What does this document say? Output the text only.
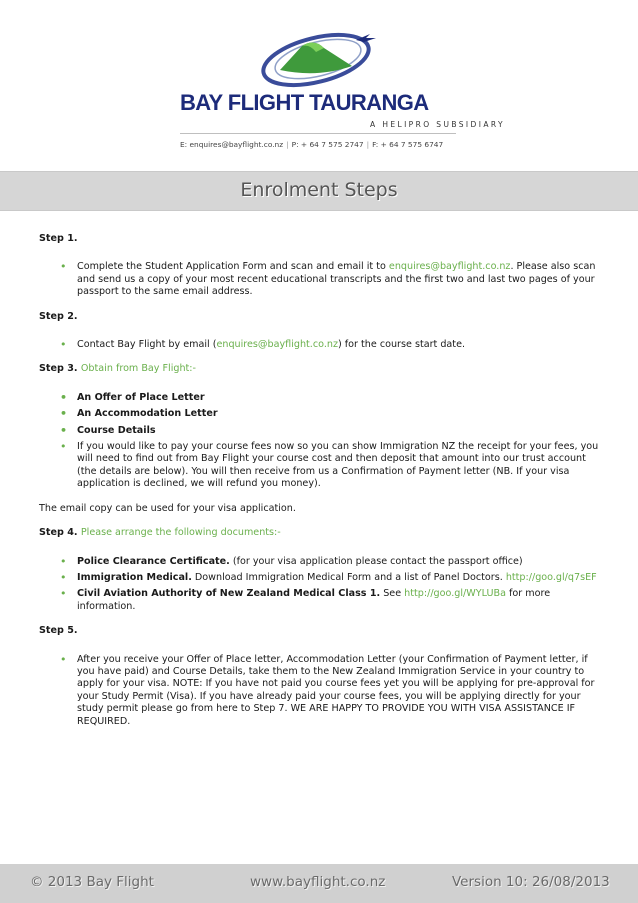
BAY FLIGHT TAURANGA
A HELIPRO SUBSIDIARY
E: enquires@bayflight.co.nz | P: + 64 7 575 2747 | F: + 64 7 575 6747
Enrolment Steps

Step 1.

• Complete the Student Application Form and scan and email it to enquires@bayflight.co.nz. Please also scan and send us a copy of your most recent educational transcripts and the first two and last two pages of your passport to the same email address.

Step 2.

• Contact Bay Flight by email (enquires@bayflight.co.nz) for the course start date.

Step 3. Obtain from Bay Flight:-

• An Offer of Place Letter
• An Accommodation Letter
• Course Details
• If you would like to pay your course fees now so you can show Immigration NZ the receipt for your fees, you will need to find out from Bay Flight your course cost and then deposit that amount into our trust account (the details are below). You will then receive from us a Confirmation of Payment letter (NB. If your visa application is declined, we will refund you money).

The email copy can be used for your visa application.

Step 4. Please arrange the following documents:-

• Police Clearance Certificate. (for your visa application please contact the passport office)
• Immigration Medical. Download Immigration Medical Form and a list of Panel Doctors. http://goo.gl/q7sEF
• Civil Aviation Authority of New Zealand Medical Class 1. See http://goo.gl/WYLUBa for more information.

Step 5.

• After you receive your Offer of Place letter, Accommodation Letter (your Confirmation of Payment letter, if you have paid) and Course Details, take them to the New Zealand Immigration Service in your country to apply for your visa. NOTE: If you have not paid you course fees yet you will be applying for pre-approval for your Study Permit (Visa). If you have already paid your course fees, you will be applying directly for your study permit please go from here to Step 7. WE ARE HAPPY TO PROVIDE YOU WITH VISA ASSISTANCE IF REQUIRED.
© 2013 Bay Flight	www.bayflight.co.nz	Version 10: 26/08/2013
